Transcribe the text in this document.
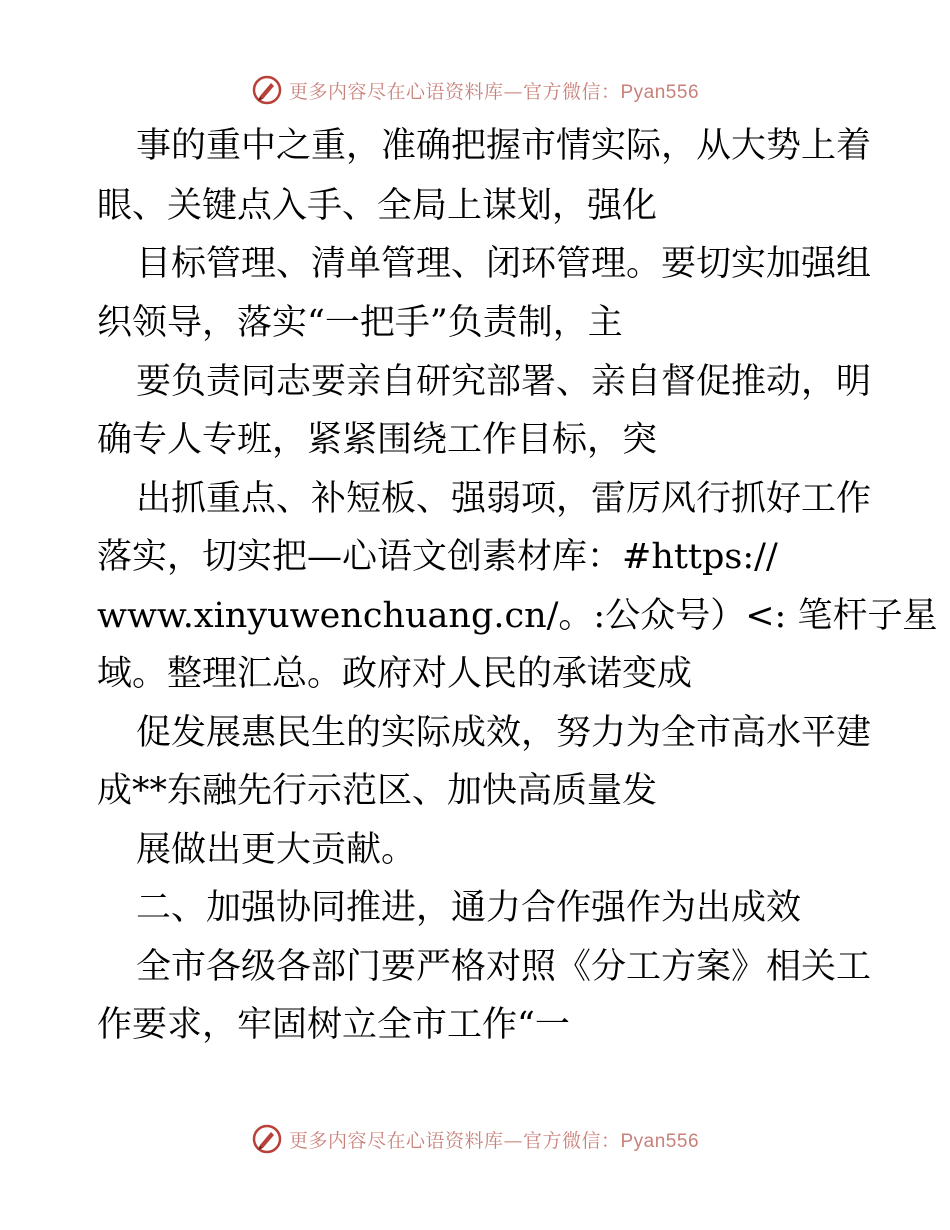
更多内容尽在心语资料库—官方微信：Pyan556
事的重中之重，准确把握市情实际，从大势上着
眼、关键点入手、全局上谋划，强化
目标管理、清单管理、闭环管理。要切实加强组
织领导，落实“一把手”负责制，主
要负责同志要亲自研究部署、亲自督促推动，明
确专人专班，紧紧围绕工作目标，突
出抓重点、补短板、强弱项，雷厉风行抓好工作
落实，切实把—心语文创素材库：#https://
www.xinyuwenchuang.cn/。:公众号）<: 笔杆子星
域。整理汇总。政府对人民的承诺变成
促发展惠民生的实际成效，努力为全市高水平建
成**东融先行示范区、加快高质量发
展做出更大贡献。
二、加强协同推进，通力合作强作为出成效
全市各级各部门要严格对照《分工方案》相关工
作要求，牢固树立全市工作“一
更多内容尽在心语资料库—官方微信：Pyan556
